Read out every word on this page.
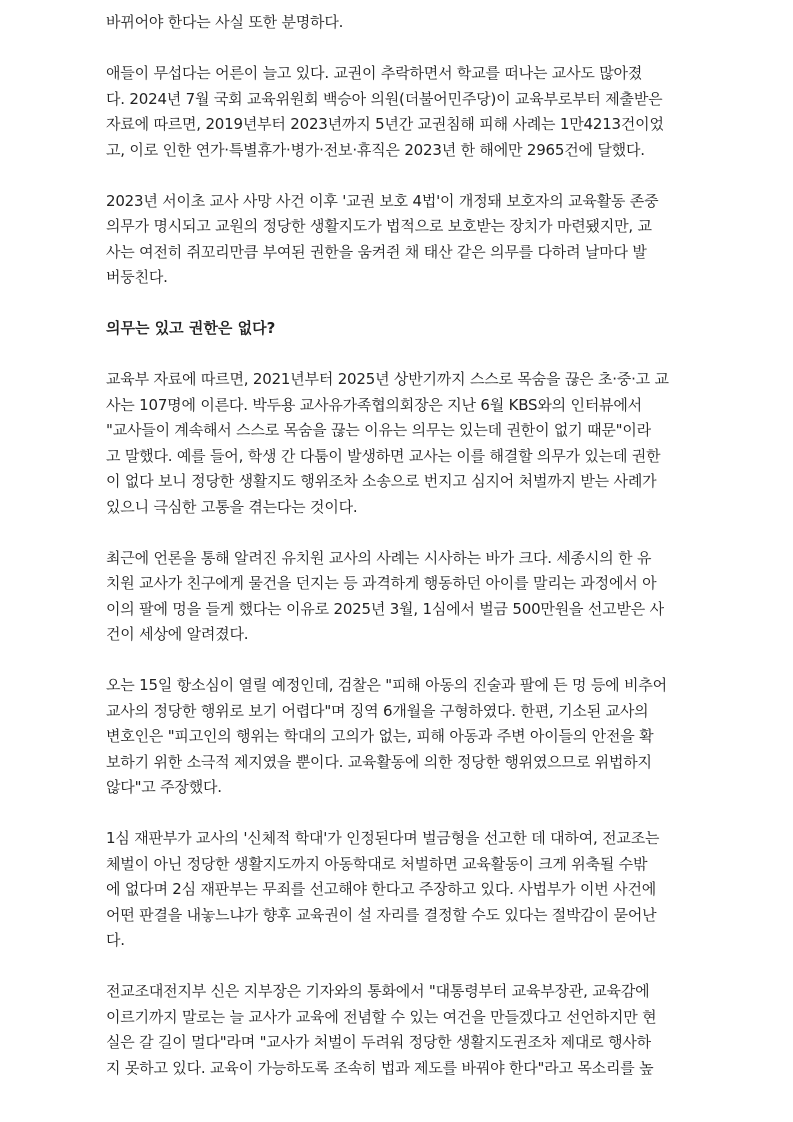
바뀌어야 한다는 사실 또한 분명하다.
애들이 무섭다는 어른이 늘고 있다. 교권이 추락하면서 학교를 떠나는 교사도 많아졌
다. 2024년 7월 국회 교육위원회 백승아 의원(더불어민주당)이 교육부로부터 제출받은
자료에 따르면, 2019년부터 2023년까지 5년간 교권침해 피해 사례는 1만4213건이었
고, 이로 인한 연가·특별휴가·병가·전보·휴직은 2023년 한 해에만 2965건에 달했다.
2023년 서이초 교사 사망 사건 이후 '교권 보호 4법'이 개정돼 보호자의 교육활동 존중
의무가 명시되고 교원의 정당한 생활지도가 법적으로 보호받는 장치가 마련됐지만, 교
사는 여전히 쥐꼬리만큼 부여된 권한을 움켜쥔 채 태산 같은 의무를 다하려 날마다 발
버둥친다.
의무는 있고 권한은 없다?
교육부 자료에 따르면, 2021년부터 2025년 상반기까지 스스로 목숨을 끊은 초·중·고 교
사는 107명에 이른다. 박두용 교사유가족협의회장은 지난 6월 KBS와의 인터뷰에서
"교사들이 계속해서 스스로 목숨을 끊는 이유는 의무는 있는데 권한이 없기 때문"이라
고 말했다. 예를 들어, 학생 간 다툼이 발생하면 교사는 이를 해결할 의무가 있는데 권한
이 없다 보니 정당한 생활지도 행위조차 소송으로 번지고 심지어 처벌까지 받는 사례가
있으니 극심한 고통을 겪는다는 것이다.
최근에 언론을 통해 알려진 유치원 교사의 사례는 시사하는 바가 크다. 세종시의 한 유
치원 교사가 친구에게 물건을 던지는 등 과격하게 행동하던 아이를 말리는 과정에서 아
이의 팔에 멍을 들게 했다는 이유로 2025년 3월, 1심에서 벌금 500만원을 선고받은 사
건이 세상에 알려졌다.
오는 15일 항소심이 열릴 예정인데, 검찰은 "피해 아동의 진술과 팔에 든 멍 등에 비추어
교사의 정당한 행위로 보기 어렵다"며 징역 6개월을 구형하였다. 한편, 기소된 교사의
변호인은 "피고인의 행위는 학대의 고의가 없는, 피해 아동과 주변 아이들의 안전을 확
보하기 위한 소극적 제지였을 뿐이다. 교육활동에 의한 정당한 행위였으므로 위법하지
않다"고 주장했다.
1심 재판부가 교사의 '신체적 학대'가 인정된다며 벌금형을 선고한 데 대하여, 전교조는
체벌이 아닌 정당한 생활지도까지 아동학대로 처벌하면 교육활동이 크게 위축될 수밖
에 없다며 2심 재판부는 무죄를 선고해야 한다고 주장하고 있다. 사법부가 이번 사건에
어떤 판결을 내놓느냐가 향후 교육권이 설 자리를 결정할 수도 있다는 절박감이 묻어난
다.
전교조대전지부 신은 지부장은 기자와의 통화에서 "대통령부터 교육부장관, 교육감에
이르기까지 말로는 늘 교사가 교육에 전념할 수 있는 여건을 만들겠다고 선언하지만 현
실은 갈 길이 멀다"라며 "교사가 처벌이 두려워 정당한 생활지도권조차 제대로 행사하
지 못하고 있다. 교육이 가능하도록 조속히 법과 제도를 바꿔야 한다"라고 목소리를 높
